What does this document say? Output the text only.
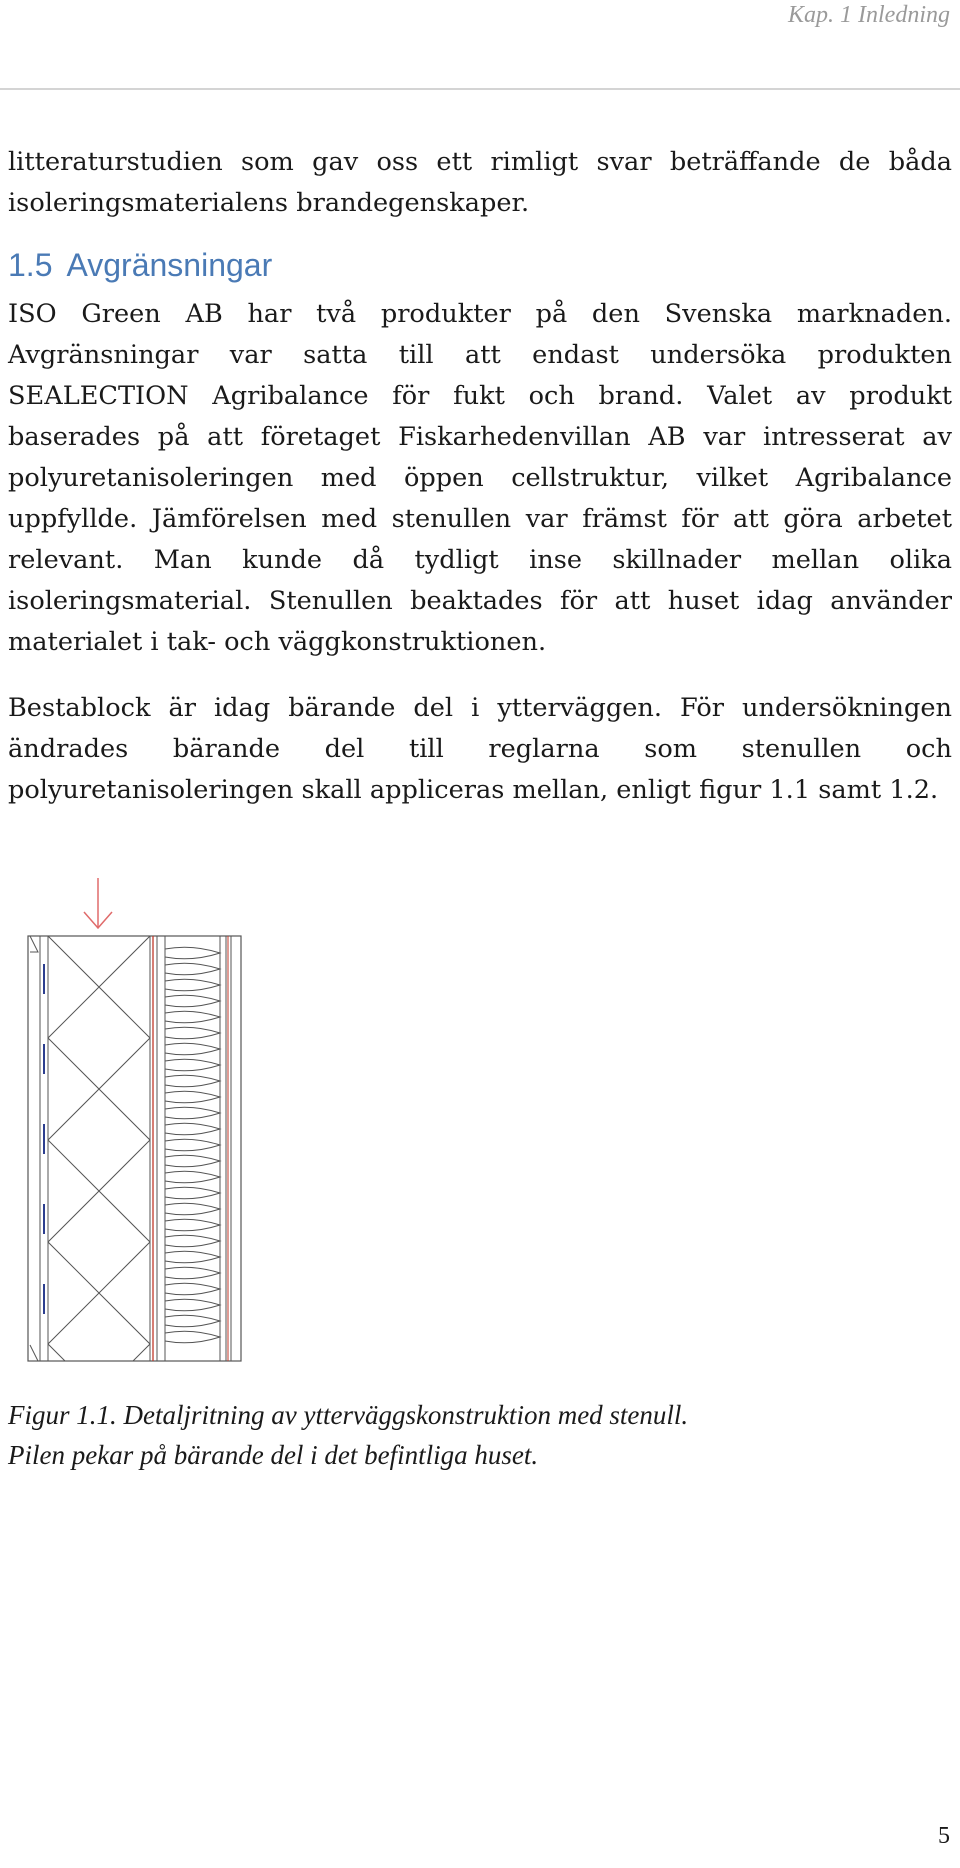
Kap. 1 Inledning

litteraturstudien som gav oss ett rimligt svar beträffande de båda isoleringsmaterialens brandegenskaper.

1.5 Avgränsningar

ISO Green AB har två produkter på den Svenska marknaden. Avgränsningar var satta till att endast undersöka produkten SEALECTION Agribalance för fukt och brand. Valet av produkt baserades på att företaget Fiskarhedenvillan AB var intresserat av polyuretanisoleringen med öppen cellstruktur, vilket Agribalance uppfyllde. Jämförelsen med stenullen var främst för att göra arbetet relevant. Man kunde då tydligt inse skillnader mellan olika isoleringsmaterial. Stenullen beaktades för att huset idag använder materialet i tak- och väggkonstruktionen.

Bestablock är idag bärande del i ytterväggen. För undersökningen ändrades bärande del till reglarna som stenullen och polyuretanisoleringen skall appliceras mellan, enligt figur 1.1 samt 1.2.

Figur 1.1. Detaljritning av ytterväggskonstruktion med stenull.
Pilen pekar på bärande del i det befintliga huset.
5
